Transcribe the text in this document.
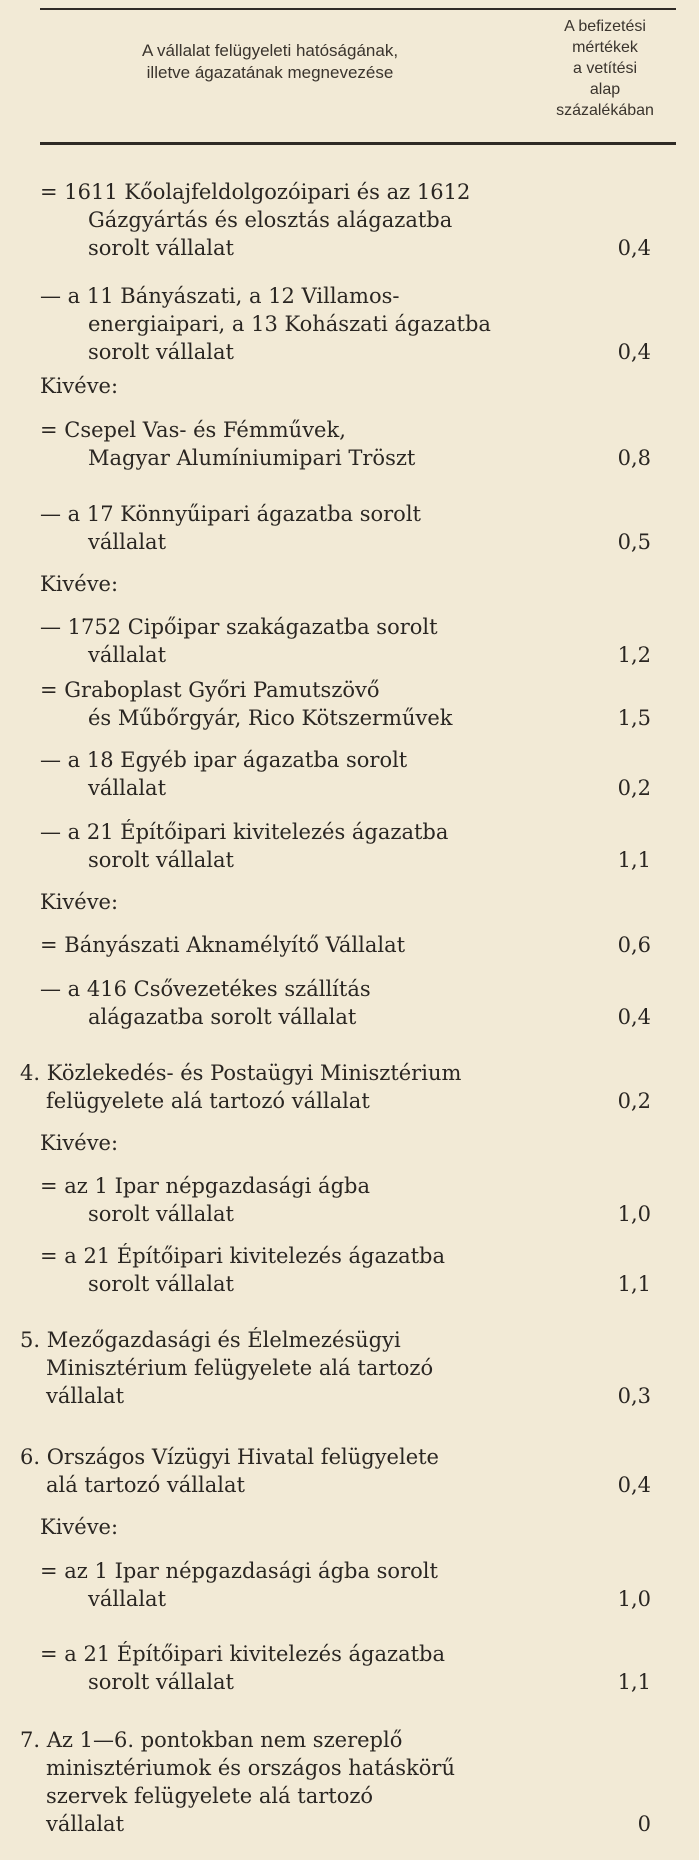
A vállalat felügyeleti hatóságának,
illetve ágazatának megnevezése
A befizetési
mértékek
a vetítési
alap
százalékában
= 1611 Kőolajfeldolgozóipari és az 1612
Gázgyártás és elosztás alágazatba
sorolt vállalat	0,4
— a 11 Bányászati, a 12 Villamos-
energiaipari, a 13 Kohászati ágazatba
sorolt vállalat	0,4
Kivéve:
= Csepel Vas- és Fémművek,
Magyar Alumíniumipari Tröszt	0,8
— a 17 Könnyűipari ágazatba sorolt
vállalat	0,5
Kivéve:
— 1752 Cipőipar szakágazatba sorolt
vállalat	1,2
= Graboplast Győri Pamutszövő
és Műbőrgyár, Rico Kötszerművek	1,5
— a 18 Egyéb ipar ágazatba sorolt
vállalat	0,2
— a 21 Építőipari kivitelezés ágazatba
sorolt vállalat	1,1
Kivéve:
= Bányászati Aknamélyítő Vállalat	0,6
— a 416 Csővezetékes szállítás
alágazatba sorolt vállalat	0,4
4. Közlekedés- és Postaügyi Minisztérium
felügyelete alá tartozó vállalat	0,2
Kivéve:
= az 1 Ipar népgazdasági ágba
sorolt vállalat	1,0
= a 21 Építőipari kivitelezés ágazatba
sorolt vállalat	1,1
5. Mezőgazdasági és Élelmezésügyi
Minisztérium felügyelete alá tartozó
vállalat	0,3
6. Országos Vízügyi Hivatal felügyelete
alá tartozó vállalat	0,4
Kivéve:
= az 1 Ipar népgazdasági ágba sorolt
vállalat	1,0
= a 21 Építőipari kivitelezés ágazatba
sorolt vállalat	1,1
7. Az 1—6. pontokban nem szereplő
minisztériumok és országos hatáskörű
szervek felügyelete alá tartozó
vállalat	0
